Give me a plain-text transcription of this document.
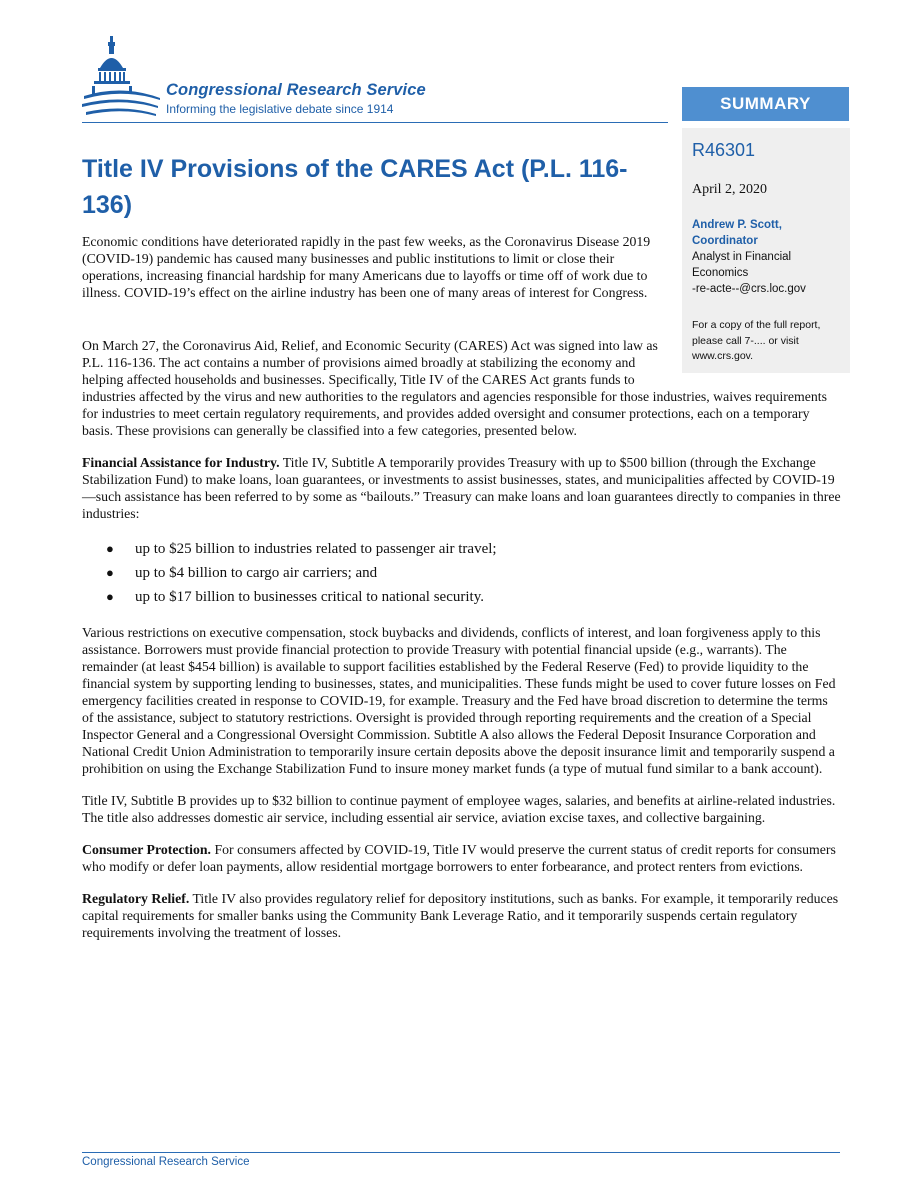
Congressional Research Service
Informing the legislative debate since 1914	SUMMARY
R46301
April 2, 2020
Andrew P. Scott,
Coordinator
Analyst in Financial
Economics
-re-acte--@crs.loc.gov
For a copy of the full report, please call 7-.... or visit www.crs.gov.
Title IV Provisions of the CARES Act (P.L. 116-136)

Economic conditions have deteriorated rapidly in the past few weeks, as the Coronavirus Disease 2019 (COVID-19) pandemic has caused many businesses and public institutions to limit or close their operations, increasing financial hardship for many Americans due to layoffs or time off of work due to illness. COVID-19’s effect on the airline industry has been one of many areas of interest for Congress.

On March 27, the Coronavirus Aid, Relief, and Economic Security (CARES) Act was signed into law as P.L. 116-136. The act contains a number of provisions aimed broadly at stabilizing the economy and helping affected households and businesses. Specifically, Title IV of the CARES Act grants funds to industries affected by the virus and new authorities to the regulators and agencies responsible for those industries, waives requirements for industries to meet certain regulatory requirements, and provides added oversight and consumer protections, each on a temporary basis. These provisions can generally be classified into a few categories, presented below.

Financial Assistance for Industry. Title IV, Subtitle A temporarily provides Treasury with up to $500 billion (through the Exchange Stabilization Fund) to make loans, loan guarantees, or investments to assist businesses, states, and municipalities affected by COVID-19—such assistance has been referred to by some as “bailouts.” Treasury can make loans and loan guarantees directly to companies in three industries:

● up to $25 billion to industries related to passenger air travel;
● up to $4 billion to cargo air carriers; and
● up to $17 billion to businesses critical to national security.

Various restrictions on executive compensation, stock buybacks and dividends, conflicts of interest, and loan forgiveness apply to this assistance. Borrowers must provide financial protection to provide Treasury with potential financial upside (e.g., warrants). The remainder (at least $454 billion) is available to support facilities established by the Federal Reserve (Fed) to provide liquidity to the financial system by supporting lending to businesses, states, and municipalities. These funds might be used to cover future losses on Fed emergency facilities created in response to COVID-19, for example. Treasury and the Fed have broad discretion to determine the terms of the assistance, subject to statutory restrictions. Oversight is provided through reporting requirements and the creation of a Special Inspector General and a Congressional Oversight Commission. Subtitle A also allows the Federal Deposit Insurance Corporation and National Credit Union Administration to temporarily insure certain deposits above the deposit insurance limit and temporarily suspend a prohibition on using the Exchange Stabilization Fund to insure money market funds (a type of mutual fund similar to a bank account).

Title IV, Subtitle B provides up to $32 billion to continue payment of employee wages, salaries, and benefits at airline-related industries. The title also addresses domestic air service, including essential air service, aviation excise taxes, and collective bargaining.

Consumer Protection. For consumers affected by COVID-19, Title IV would preserve the current status of credit reports for consumers who modify or defer loan payments, allow residential mortgage borrowers to enter forbearance, and protect renters from evictions.

Regulatory Relief. Title IV also provides regulatory relief for depository institutions, such as banks. For example, it temporarily reduces capital requirements for smaller banks using the Community Bank Leverage Ratio, and it temporarily suspends certain regulatory requirements involving the treatment of losses.

Congressional Research Service
